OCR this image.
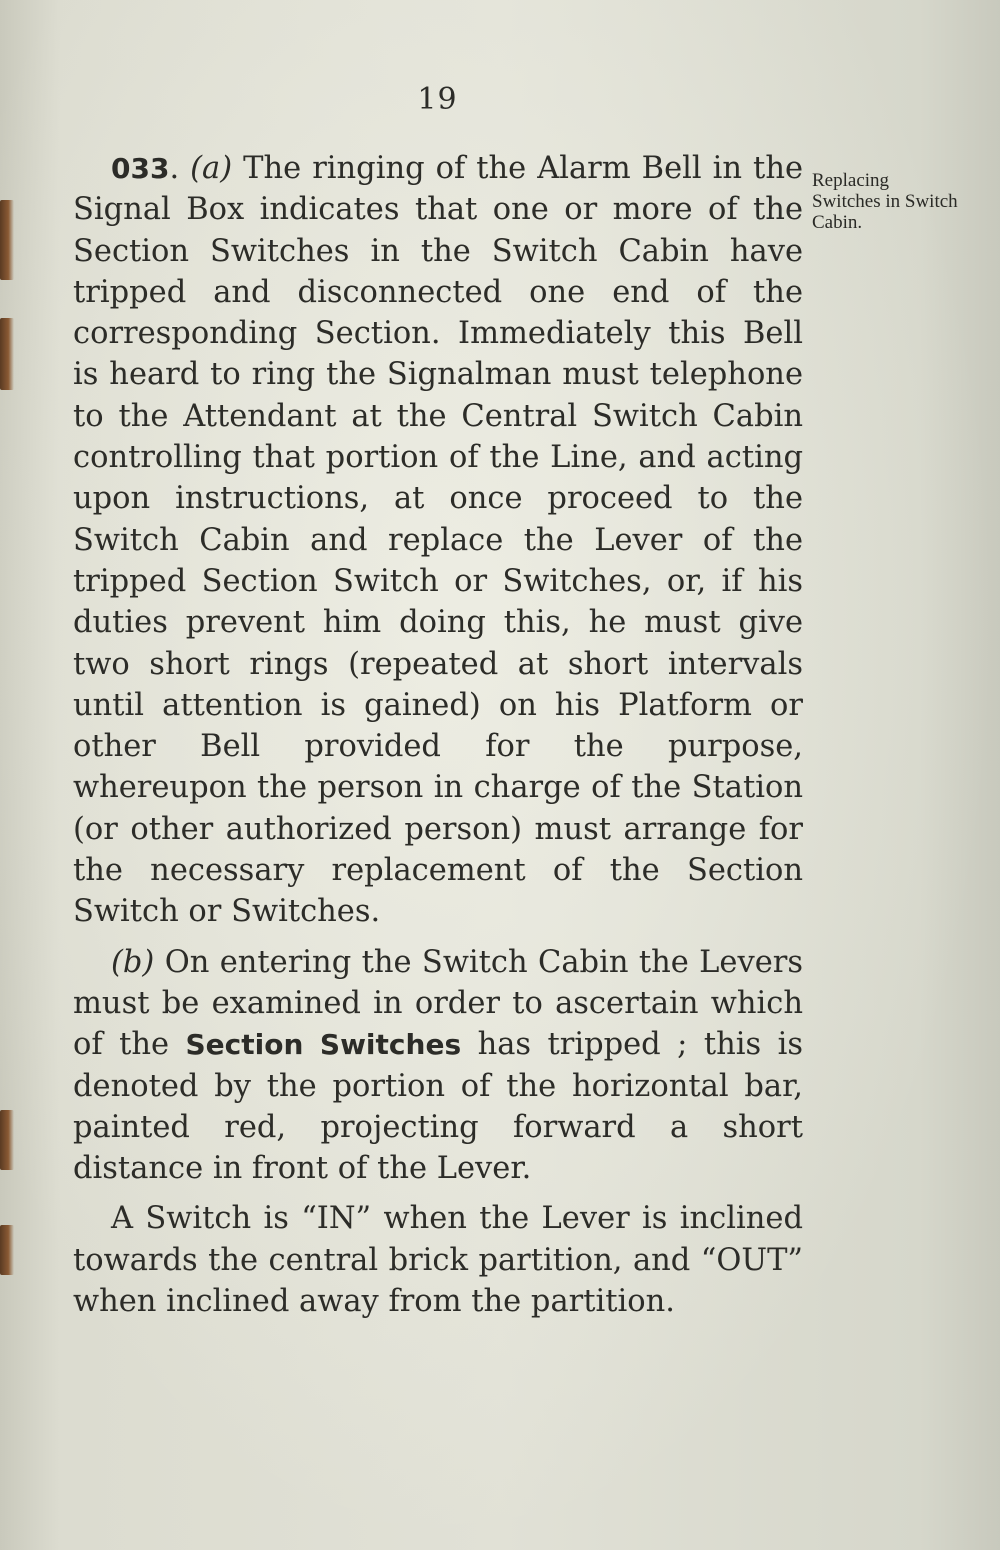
19
Replacing Switches in Switch Cabin.

033. (a) The ringing of the Alarm Bell in the Signal Box indicates that one or more of the Section Switches in the Switch Cabin have tripped and disconnected one end of the corresponding Section. Immediately this Bell is heard to ring the Signalman must telephone to the Attendant at the Central Switch Cabin controlling that portion of the Line, and acting upon instructions, at once proceed to the Switch Cabin and replace the Lever of the tripped Section Switch or Switches, or, if his duties prevent him doing this, he must give two short rings (repeated at short intervals until attention is gained) on his Platform or other Bell provided for the purpose, whereupon the person in charge of the Station (or other authorized person) must arrange for the necessary replacement of the Section Switch or Switches.

(b) On entering the Switch Cabin the Levers must be examined in order to ascertain which of the Section Switches has tripped ; this is denoted by the portion of the horizontal bar, painted red, projecting forward a short distance in front of the Lever.

A Switch is “IN” when the Lever is inclined towards the central brick partition, and “OUT” when inclined away from the partition.
